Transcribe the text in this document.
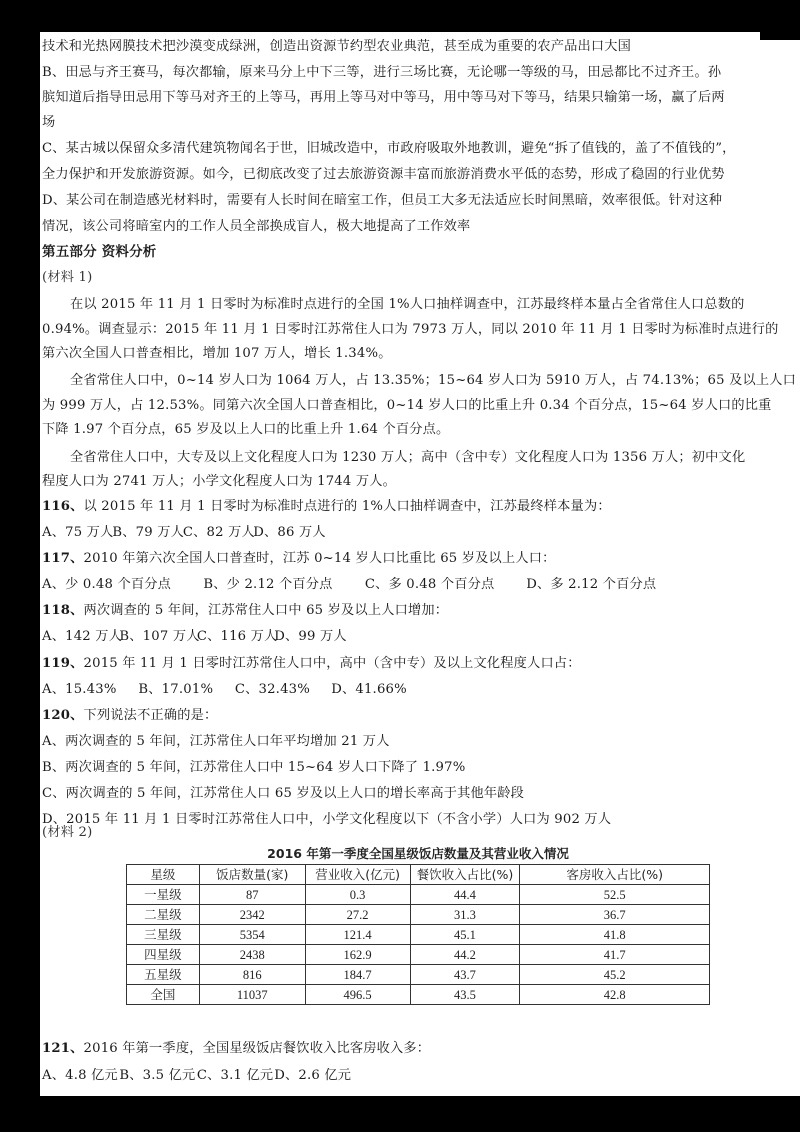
技术和光热网膜技术把沙漠变成绿洲，创造出资源节约型农业典范，甚至成为重要的农产品出口大国
B、田忌与齐王赛马，每次都输，原来马分上中下三等，进行三场比赛，无论哪一等级的马，田忌都比不过齐王。孙
膑知道后指导田忌用下等马对齐王的上等马，再用上等马对中等马，用中等马对下等马，结果只输第一场，赢了后两
场
C、某古城以保留众多清代建筑物闻名于世，旧城改造中，市政府吸取外地教训，避免“拆了值钱的，盖了不值钱的”，
全力保护和开发旅游资源。如今，已彻底改变了过去旅游资源丰富而旅游消费水平低的态势，形成了稳固的行业优势
D、某公司在制造感光材料时，需要有人长时间在暗室工作，但员工大多无法适应长时间黑暗，效率很低。针对这种
情况，该公司将暗室内的工作人员全部换成盲人，极大地提高了工作效率
第五部分 资料分析
(材料 1)
在以 2015 年 11 月 1 日零时为标准时点进行的全国 1%人口抽样调查中，江苏最终样本量占全省常住人口总数的
0.94%。调查显示：2015 年 11 月 1 日零时江苏常住人口为 7973 万人，同以 2010 年 11 月 1 日零时为标准时点进行的
第六次全国人口普查相比，增加 107 万人，增长 1.34%。
全省常住人口中，0~14 岁人口为 1064 万人，占 13.35%；15~64 岁人口为 5910 万人，占 74.13%；65 及以上人口
为 999 万人，占 12.53%。同第六次全国人口普查相比，0~14 岁人口的比重上升 0.34 个百分点，15~64 岁人口的比重
下降 1.97 个百分点，65 岁及以上人口的比重上升 1.64 个百分点。
全省常住人口中，大专及以上文化程度人口为 1230 万人；高中（含中专）文化程度人口为 1356 万人；初中文化
程度人口为 2741 万人；小学文化程度人口为 1744 万人。
116、以 2015 年 11 月 1 日零时为标准时点进行的 1%人口抽样调查中，江苏最终样本量为：
A、75 万人 B、79 万人 C、82 万人 D、86 万人
117、2010 年第六次全国人口普查时，江苏 0~14 岁人口比重比 65 岁及以上人口：
A、少 0.48 个百分点 B、少 2.12 个百分点 C、多 0.48 个百分点 D、多 2.12 个百分点
118、两次调查的 5 年间，江苏常住人口中 65 岁及以上人口增加：
A、142 万人 B、107 万人 C、116 万人 D、99 万人
119、2015 年 11 月 1 日零时江苏常住人口中，高中（含中专）及以上文化程度人口占：
A、15.43% B、17.01% C、32.43% D、41.66%
120、下列说法不正确的是：
A、两次调查的 5 年间，江苏常住人口年平均增加 21 万人
B、两次调查的 5 年间，江苏常住人口中 15~64 岁人口下降了 1.97%
C、两次调查的 5 年间，江苏常住人口 65 岁及以上人口的增长率高于其他年龄段
D、2015 年 11 月 1 日零时江苏常住人口中，小学文化程度以下（不含小学）人口为 902 万人
(材料 2)
2016 年第一季度全国星级饭店数量及其营业收入情况
星级	饭店数量(家)	营业收入(亿元)	餐饮收入占比(%)	客房收入占比(%)
一星级	87	0.3	44.4	52.5
二星级	2342	27.2	31.3	36.7
三星级	5354	121.4	45.1	41.8
四星级	2438	162.9	44.2	41.7
五星级	816	184.7	43.7	45.2
全国	11037	496.5	43.5	42.8
121、2016 年第一季度，全国星级饭店餐饮收入比客房收入多：
A、4.8 亿元 B、3.5 亿元 C、3.1 亿元 D、2.6 亿元
